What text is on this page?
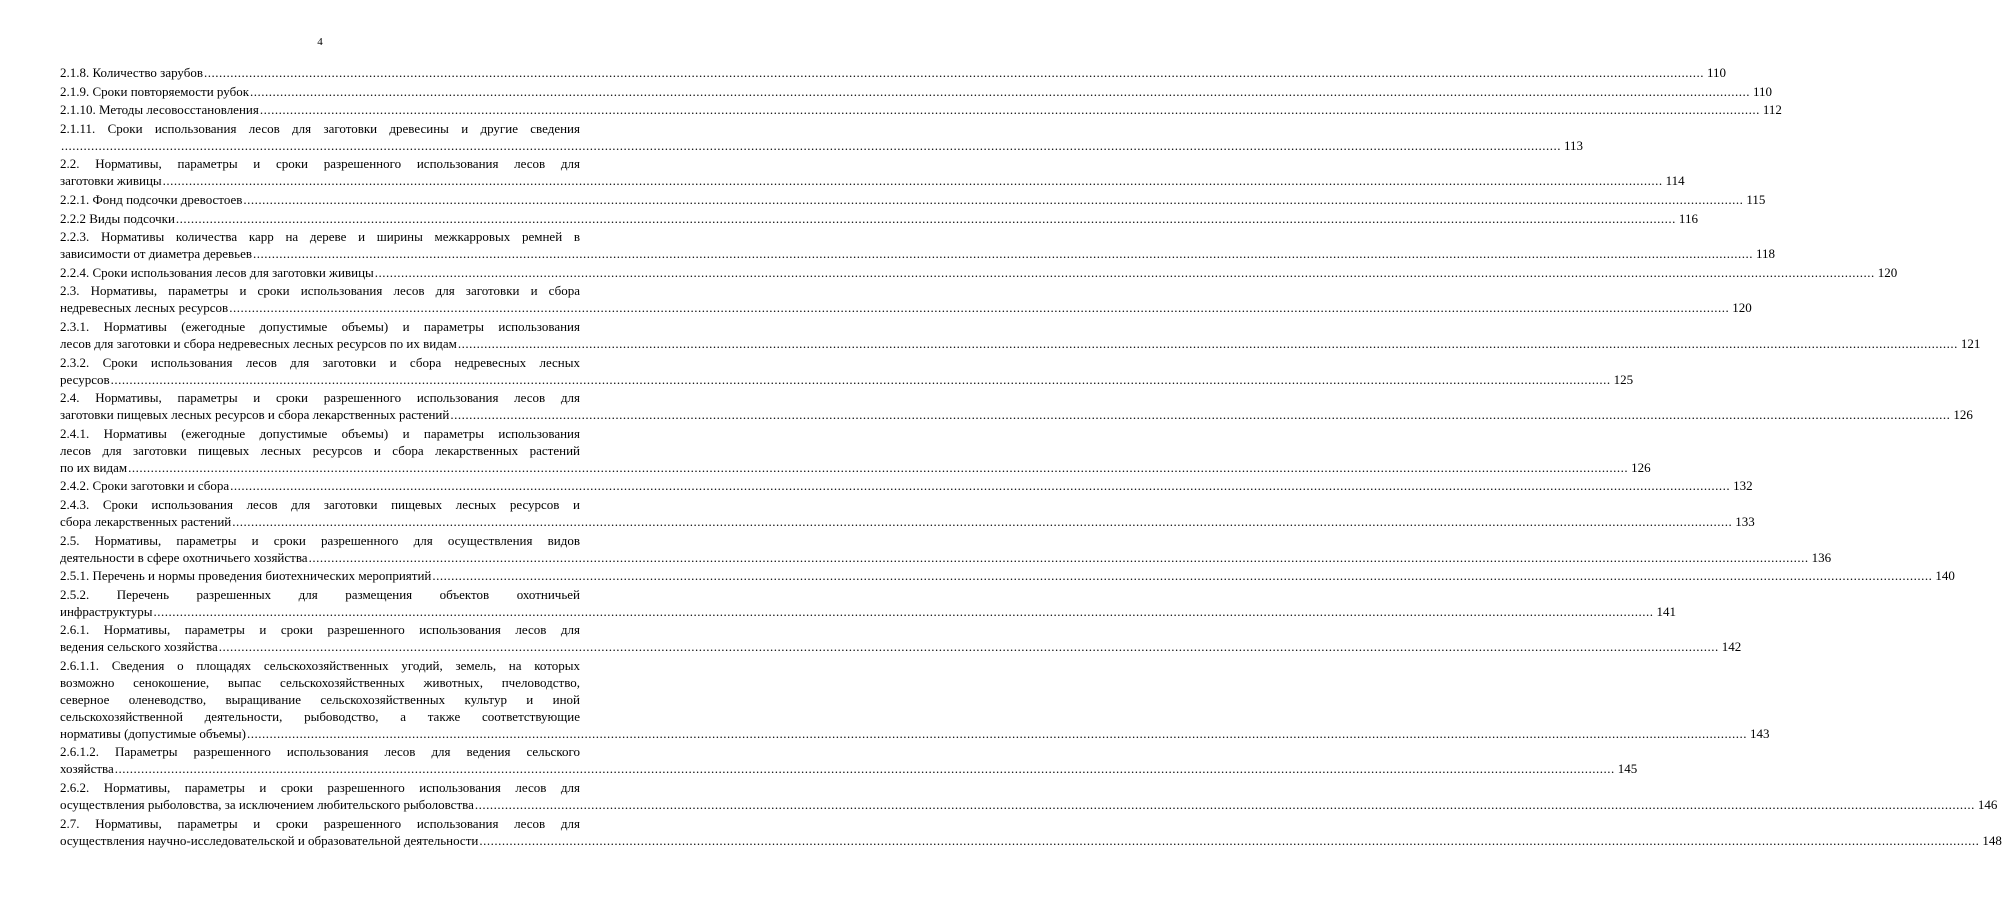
4
2.1.8. Количество зарубов ................................................................................................................................................................................................................................................................................................................................................................................................................ 110
2.1.9. Сроки повторяемости рубок ................................................................................................................................................................................................................................................................................................................................................................................................................ 110
2.1.10. Методы лесовосстановления ................................................................................................................................................................................................................................................................................................................................................................................................................ 112
2.1.11. Сроки использования лесов для заготовки древесины и другие сведения
................................................................................................................................................................................................................................................................................................................................................................................................................ 113
2.2. Нормативы, параметры и сроки разрешенного использования лесов для
заготовки живицы ................................................................................................................................................................................................................................................................................................................................................................................................................ 114
2.2.1. Фонд подсочки древостоев ................................................................................................................................................................................................................................................................................................................................................................................................................ 115
2.2.2 Виды подсочки ................................................................................................................................................................................................................................................................................................................................................................................................................ 116
2.2.3. Нормативы количества карр на дереве и ширины межкарровых ремней в
зависимости от диаметра деревьев ................................................................................................................................................................................................................................................................................................................................................................................................................ 118
2.2.4. Сроки использования лесов для заготовки живицы ................................................................................................................................................................................................................................................................................................................................................................................................................ 120
2.3. Нормативы, параметры и сроки использования лесов для заготовки и сбора
недревесных лесных ресурсов ................................................................................................................................................................................................................................................................................................................................................................................................................ 120
2.3.1. Нормативы (ежегодные допустимые объемы) и параметры использования
лесов для заготовки и сбора недревесных лесных ресурсов по их видам ................................................................................................................................................................................................................................................................................................................................................................................................................ 121
2.3.2. Сроки использования лесов для заготовки и сбора недревесных лесных
ресурсов ................................................................................................................................................................................................................................................................................................................................................................................................................ 125
2.4. Нормативы, параметры и сроки разрешенного использования лесов для
заготовки пищевых лесных ресурсов и сбора лекарственных растений ................................................................................................................................................................................................................................................................................................................................................................................................................ 126
2.4.1. Нормативы (ежегодные допустимые объемы) и параметры использования
лесов для заготовки пищевых лесных ресурсов и сбора лекарственных растений
по их видам ................................................................................................................................................................................................................................................................................................................................................................................................................ 126
2.4.2. Сроки заготовки и сбора ................................................................................................................................................................................................................................................................................................................................................................................................................ 132
2.4.3. Сроки использования лесов для заготовки пищевых лесных ресурсов и
сбора лекарственных растений ................................................................................................................................................................................................................................................................................................................................................................................................................ 133
2.5. Нормативы, параметры и сроки разрешенного для осуществления видов
деятельности в сфере охотничьего хозяйства ................................................................................................................................................................................................................................................................................................................................................................................................................ 136
2.5.1. Перечень и нормы проведения биотехнических мероприятий ................................................................................................................................................................................................................................................................................................................................................................................................................ 140
2.5.2. Перечень разрешенных для размещения объектов охотничьей
инфраструктуры ................................................................................................................................................................................................................................................................................................................................................................................................................ 141
2.6.1. Нормативы, параметры и сроки разрешенного использования лесов для
ведения сельского хозяйства ................................................................................................................................................................................................................................................................................................................................................................................................................ 142
2.6.1.1. Сведения о площадях сельскохозяйственных угодий, земель, на которых
возможно сенокошение, выпас сельскохозяйственных животных, пчеловодство,
северное оленеводство, выращивание сельскохозяйственных культур и иной
сельскохозяйственной деятельности, рыбоводство, а также соответствующие
нормативы (допустимые объемы) ................................................................................................................................................................................................................................................................................................................................................................................................................ 143
2.6.1.2. Параметры разрешенного использования лесов для ведения сельского
хозяйства ................................................................................................................................................................................................................................................................................................................................................................................................................ 145
2.6.2. Нормативы, параметры и сроки разрешенного использования лесов для
осуществления рыболовства, за исключением любительского рыболовства ................................................................................................................................................................................................................................................................................................................................................................................................................ 146
2.7. Нормативы, параметры и сроки разрешенного использования лесов для
осуществления научно-исследовательской и образовательной деятельности ................................................................................................................................................................................................................................................................................................................................................................................................................ 148
